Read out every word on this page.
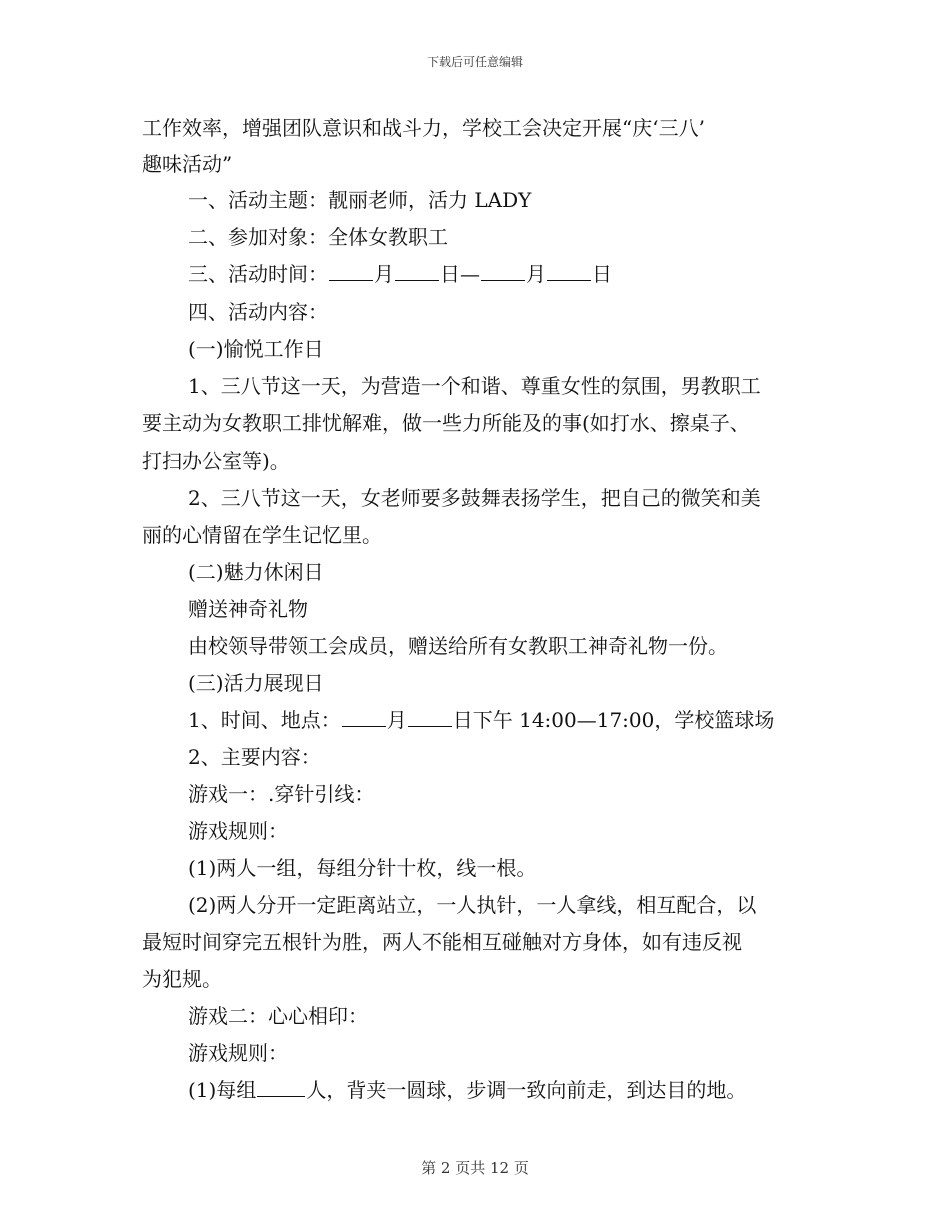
下载后可任意编辑
工作效率，增强团队意识和战斗力，学校工会决定开展“庆‘三八’
趣味活动”
一、活动主题：靓丽老师，活力 LADY
二、参加对象：全体女教职工
三、活动时间： 月 日— 月 日
四、活动内容：
(一)愉悦工作日
1、三八节这一天，为营造一个和谐、尊重女性的氛围，男教职工
要主动为女教职工排忧解难，做一些力所能及的事(如打水、擦桌子、
打扫办公室等)。
2、三八节这一天，女老师要多鼓舞表扬学生，把自己的微笑和美
丽的心情留在学生记忆里。
(二)魅力休闲日
赠送神奇礼物
由校领导带领工会成员，赠送给所有女教职工神奇礼物一份。
(三)活力展现日
1、时间、地点： 月 日下午 14:00—17:00，学校篮球场
2、主要内容：
游戏一：.穿针引线：
游戏规则：
(1)两人一组，每组分针十枚，线一根。
(2)两人分开一定距离站立，一人执针，一人拿线，相互配合，以
最短时间穿完五根针为胜，两人不能相互碰触对方身体，如有违反视
为犯规。
游戏二：心心相印：
游戏规则：
(1)每组	人，背夹一圆球，步调一致向前走，到达目的地。
第 2 页共 12 页
